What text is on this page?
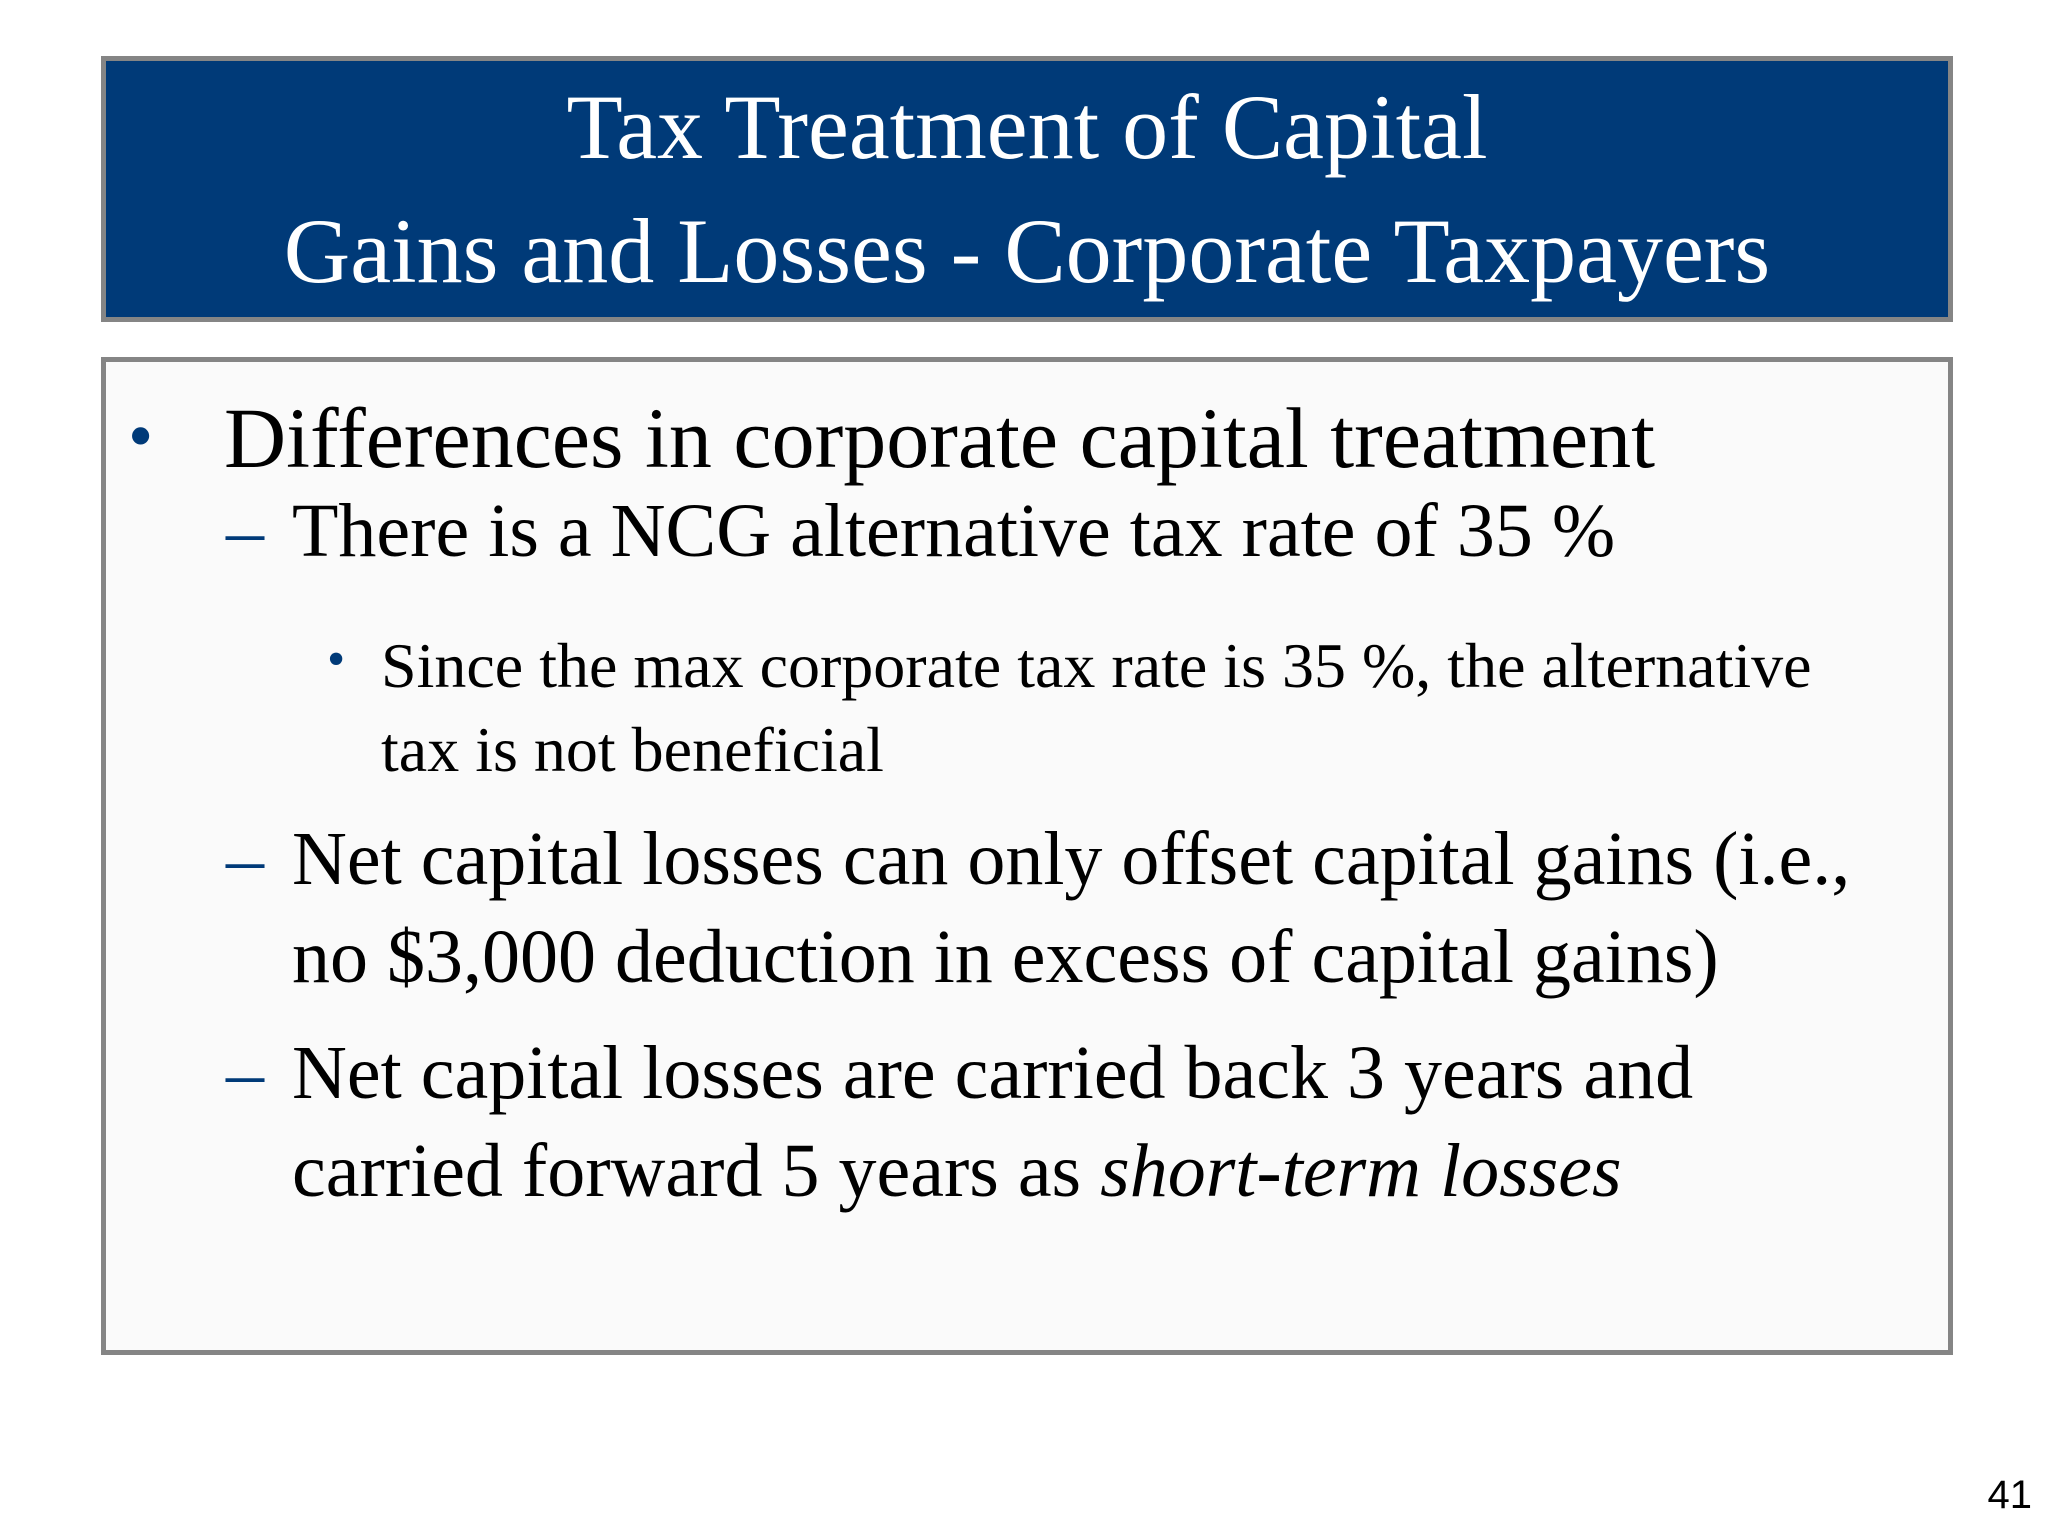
Tax Treatment of Capital
Gains and Losses - Corporate Taxpayers
• Differences in corporate capital treatment
– There is a NCG alternative tax rate of 35 %
• Since the max corporate tax rate is 35 %, the alternative
tax is not beneficial
– Net capital losses can only offset capital gains (i.e.,
no $3,000 deduction in excess of capital gains)
– Net capital losses are carried back 3 years and
carried forward 5 years as short-term losses
41
